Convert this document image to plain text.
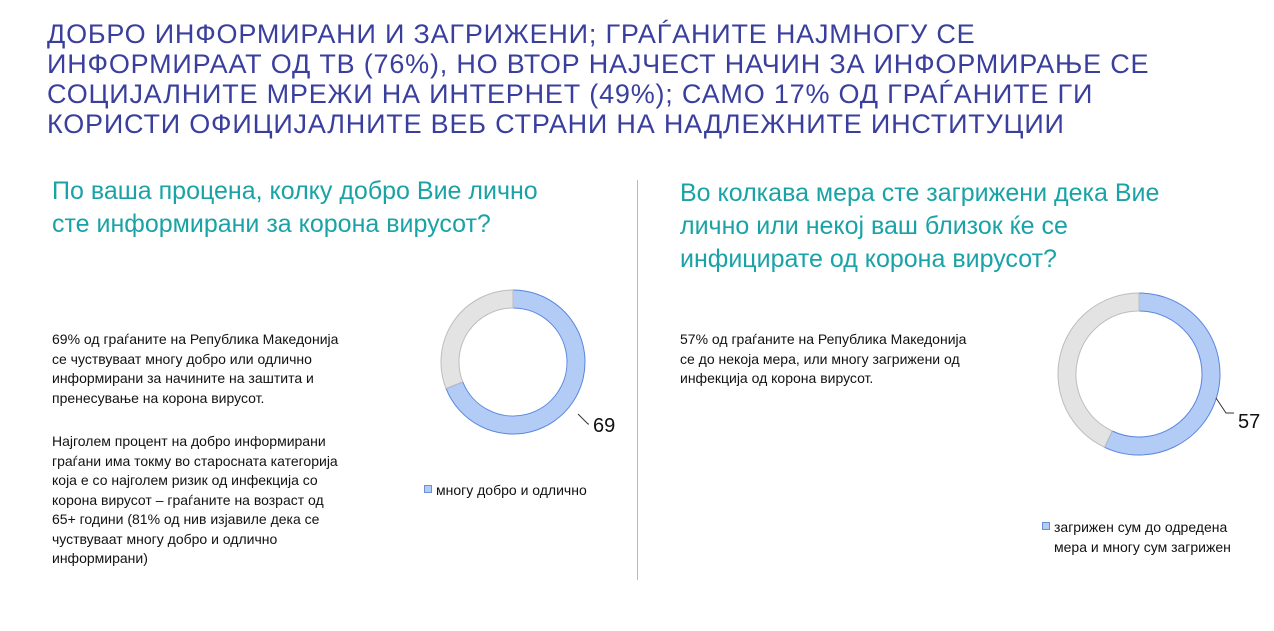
ДОБРО ИНФОРМИРАНИ И ЗАГРИЖЕНИ; ГРАЃАНИТЕ НАЈМНОГУ СЕ
ИНФОРМИРААТ ОД ТВ (76%), НО ВТОР НАЈЧЕСТ НАЧИН ЗА ИНФОРМИРАЊЕ СЕ
СОЦИЈАЛНИТЕ МРЕЖИ НА ИНТЕРНЕТ (49%); САМО 17% ОД ГРАЃАНИТЕ ГИ
КОРИСТИ ОФИЦИЈАЛНИТЕ ВЕБ СТРАНИ НА НАДЛЕЖНИТЕ ИНСТИТУЦИИ
По ваша процена, колку добро Вие лично
сте информирани за корона вирусот?

69% од граѓаните на Република Македонија
се чуствуваат многу добро или одлично
информирани за начините на заштита и
пренесување на корона вирусот.

Најголем процент на добро информирани
граѓани има токму во старосната категорија
која е со најголем ризик од инфекција со
корона вирусот – граѓаните на возраст од
65+ години (81% од нив изјавиле дека се
чуствуваат многу добро и одлично
информирани)

69
многу добро и одлично
Во колкава мера сте загрижени дека Вие
лично или некој ваш близок ќе се
инфицирате од корона вирусот?

57% од граѓаните на Република Македонија
се до некоја мера, или многу загрижени од
инфекција од корона вирусот.

57
загрижен сум до одредена
мера и многу сум загрижен
